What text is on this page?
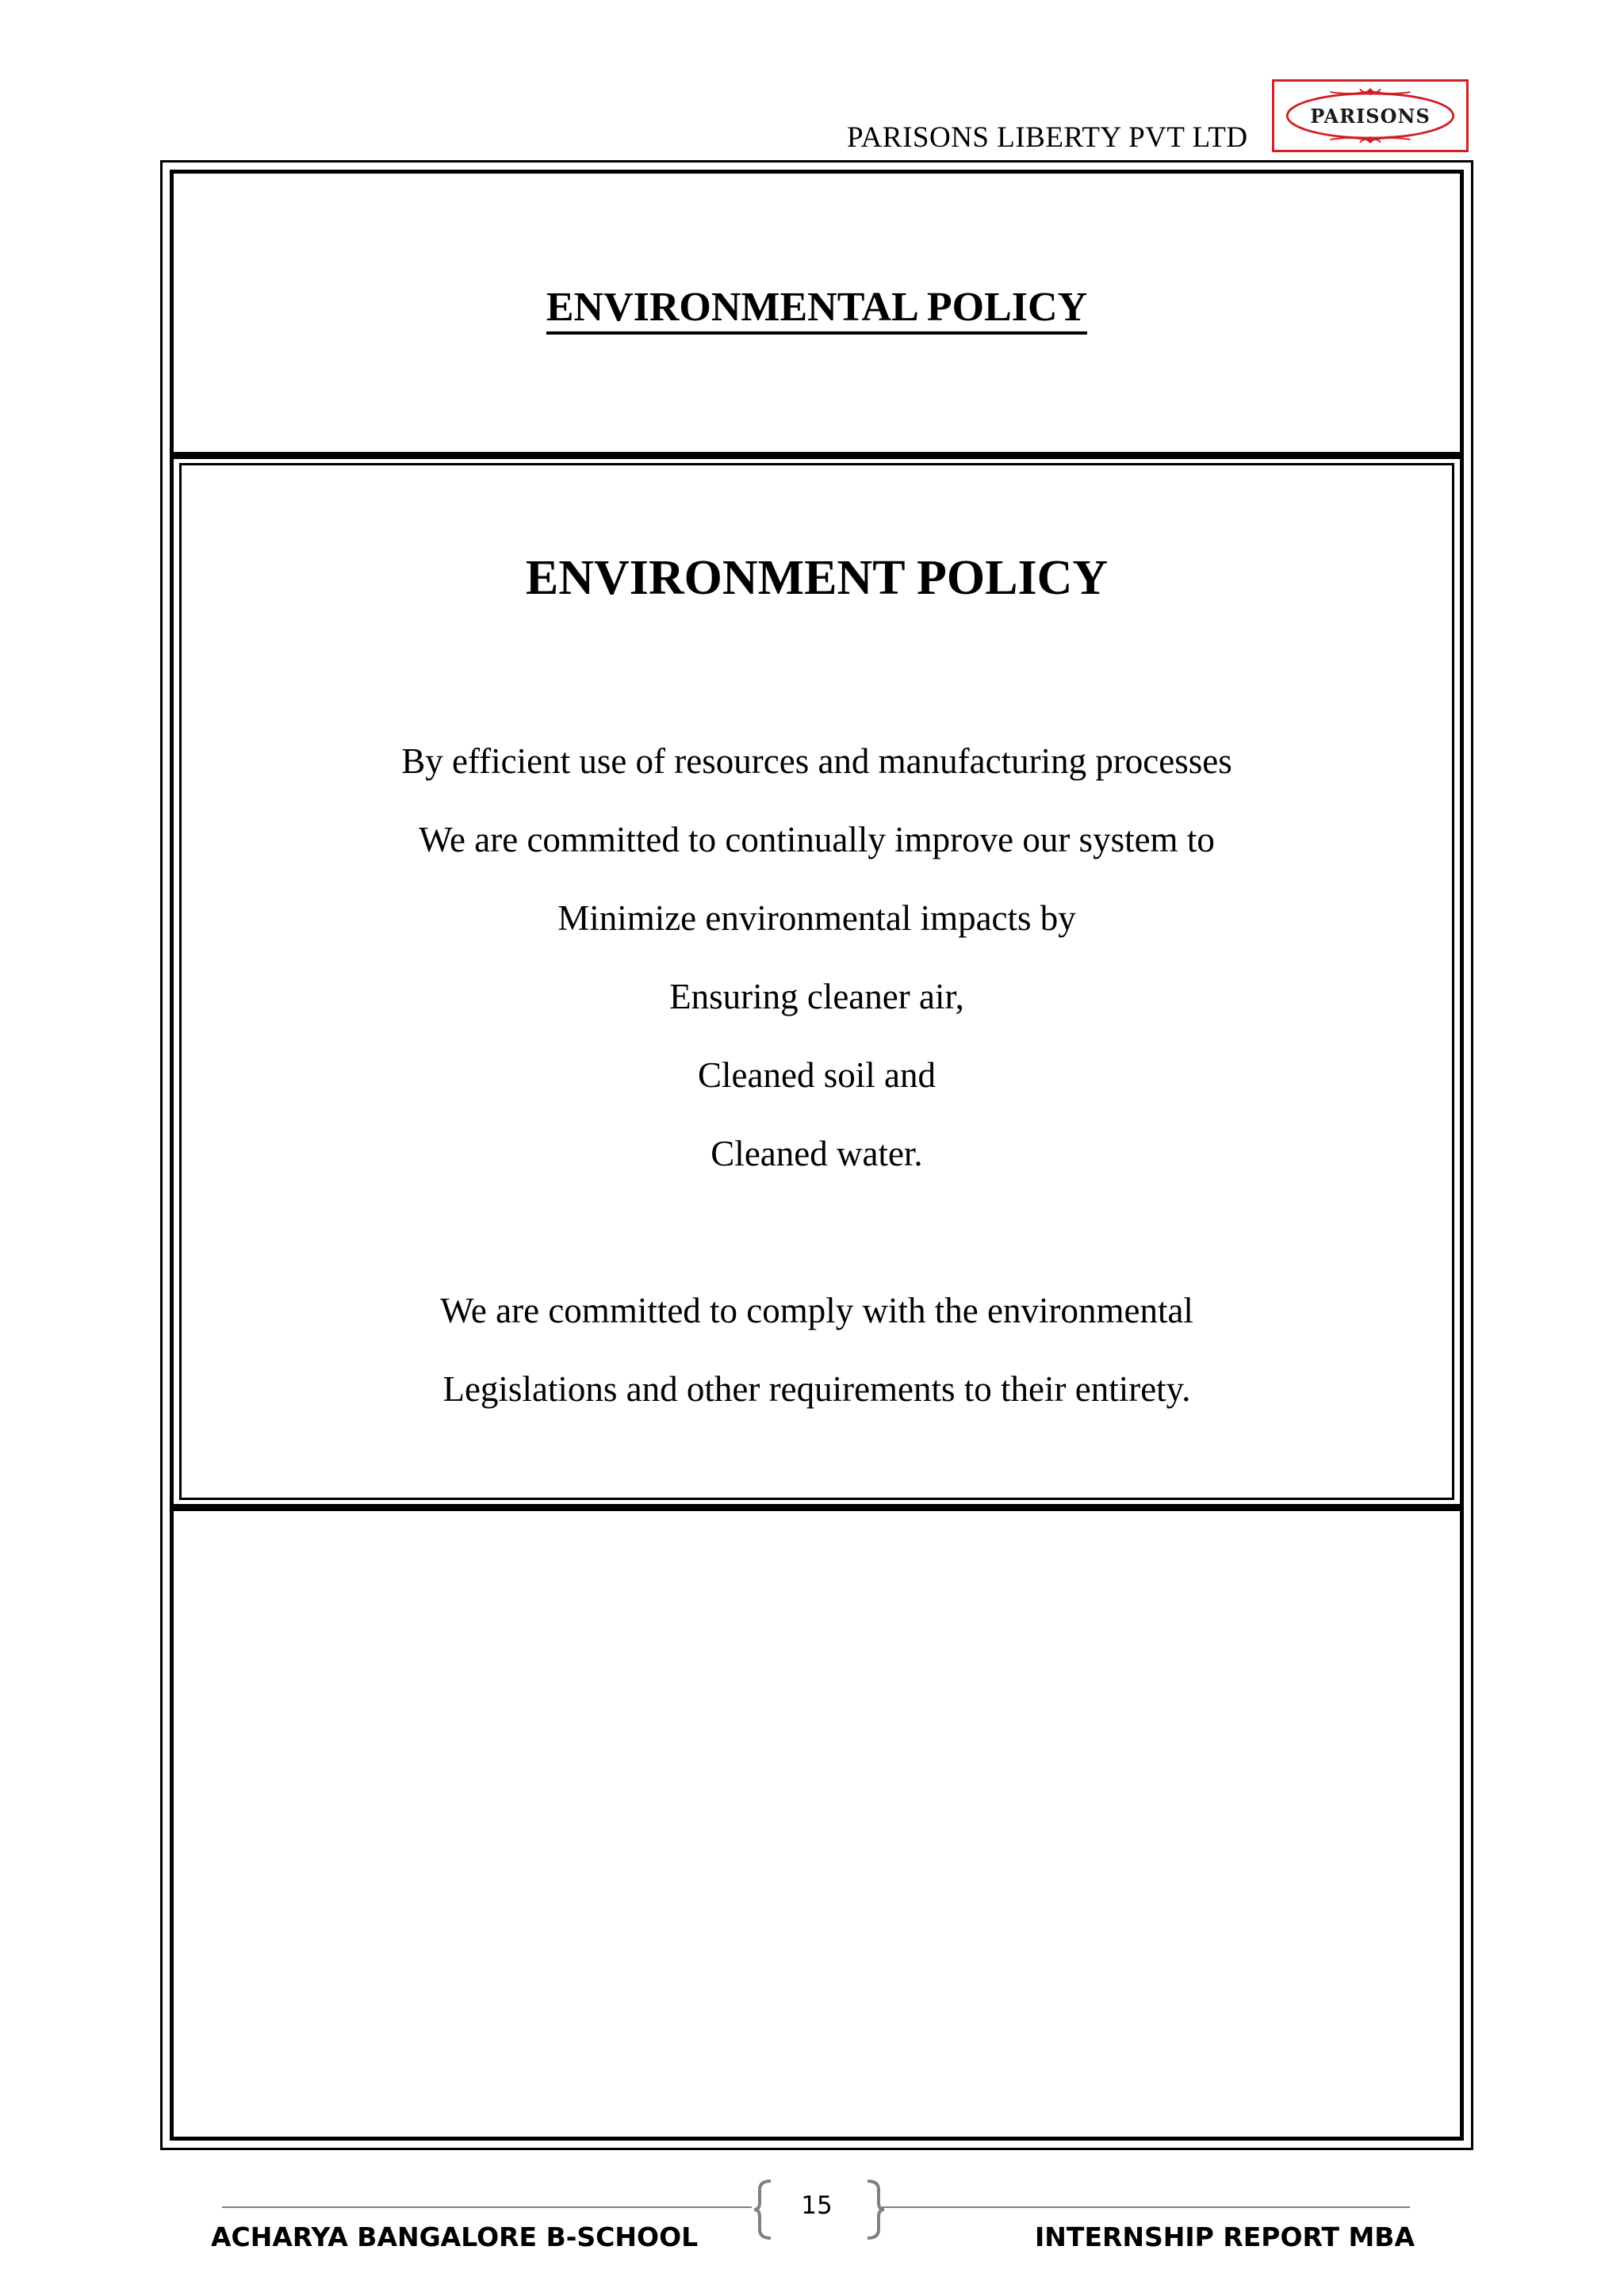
PARISONS LIBERTY PVT LTD
PARISONS
ENVIRONMENTAL POLICY
ENVIRONMENT POLICY
By efficient use of resources and manufacturing processes
We are committed to continually improve our system to
Minimize environmental impacts by
Ensuring cleaner air,
Cleaned soil and
Cleaned water.
We are committed to comply with the environmental
Legislations and other requirements to their entirety.
15
ACHARYA BANGALORE B-SCHOOL	INTERNSHIP REPORT MBA
